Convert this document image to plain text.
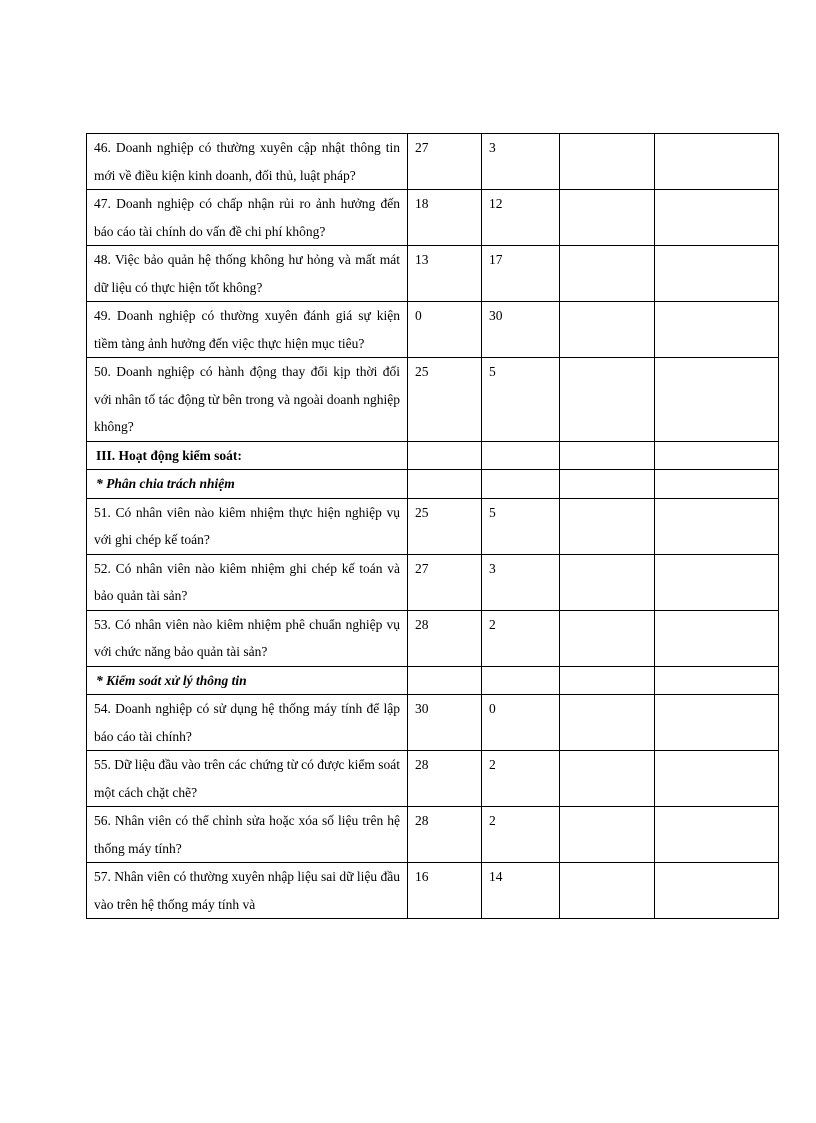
46. Doanh nghiệp có thường xuyên cập nhật thông tin mới về điều kiện kinh doanh, đối thủ, luật pháp?	27	3		
47. Doanh nghiệp có chấp nhận rủi ro ảnh hưởng đến báo cáo tài chính do vấn đề chi phí không?	18	12		
48. Việc bảo quản hệ thống không hư hỏng và mất mát dữ liệu có thực hiện tốt không?	13	17		
49. Doanh nghiệp có thường xuyên đánh giá sự kiện tiềm tàng ảnh hưởng đến việc thực hiện mục tiêu?	0	30		
50. Doanh nghiệp có hành động thay đổi kịp thời đối với nhân tố tác động từ bên trong và ngoài doanh nghiệp không?	25	5		
III. Hoạt động kiểm soát:				
* Phân chia trách nhiệm				
51. Có nhân viên nào kiêm nhiệm thực hiện nghiệp vụ với ghi chép kế toán?	25	5		
52. Có nhân viên nào kiêm nhiệm ghi chép kế toán và bảo quản tài sản?	27	3		
53. Có nhân viên nào kiêm nhiệm phê chuẩn nghiệp vụ với chức năng bảo quản tài sản?	28	2		
* Kiểm soát xử lý thông tin				
54. Doanh nghiệp có sử dụng hệ thống máy tính để lập báo cáo tài chính?	30	0		
55. Dữ liệu đầu vào trên các chứng từ có được kiểm soát một cách chặt chẽ?	28	2		
56. Nhân viên có thể chỉnh sửa hoặc xóa số liệu trên hệ thống máy tính?	28	2		
57. Nhân viên có thường xuyên nhập liệu sai dữ liệu đầu vào trên hệ thống máy tính và	16	14		
